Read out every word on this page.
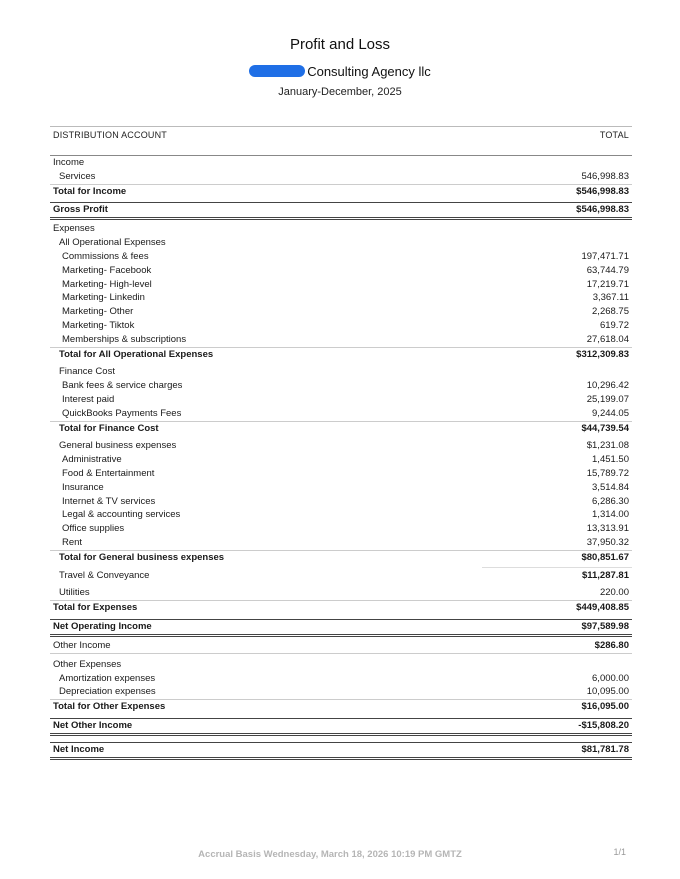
Profit and Loss
Consulting Agency llc
January-December, 2025
DISTRIBUTION ACCOUNT	TOTAL
Income
Services	546,998.83
Total for Income	$546,998.83
Gross Profit	$546,998.83
Expenses
All Operational Expenses
Commissions & fees	197,471.71
Marketing- Facebook	63,744.79
Marketing- High-level	17,219.71
Marketing- Linkedin	3,367.11
Marketing- Other	2,268.75
Marketing- Tiktok	619.72
Memberships & subscriptions	27,618.04
Total for All Operational Expenses	$312,309.83
Finance Cost
Bank fees & service charges	10,296.42
Interest paid	25,199.07
QuickBooks Payments Fees	9,244.05
Total for Finance Cost	$44,739.54
General business expenses	$1,231.08
Administrative	1,451.50
Food & Entertainment	15,789.72
Insurance	3,514.84
Internet & TV services	6,286.30
Legal & accounting services	1,314.00
Office supplies	13,313.91
Rent	37,950.32
Total for General business expenses	$80,851.67
Travel & Conveyance	$11,287.81
Utilities	220.00
Total for Expenses	$449,408.85
Net Operating Income	$97,589.98
Other Income	$286.80
Other Expenses
Amortization expenses	6,000.00
Depreciation expenses	10,095.00
Total for Other Expenses	$16,095.00
Net Other Income	-$15,808.20
Net Income	$81,781.78
Accrual Basis Wednesday, March 18, 2026 10:19 PM GMTZ	1/1
